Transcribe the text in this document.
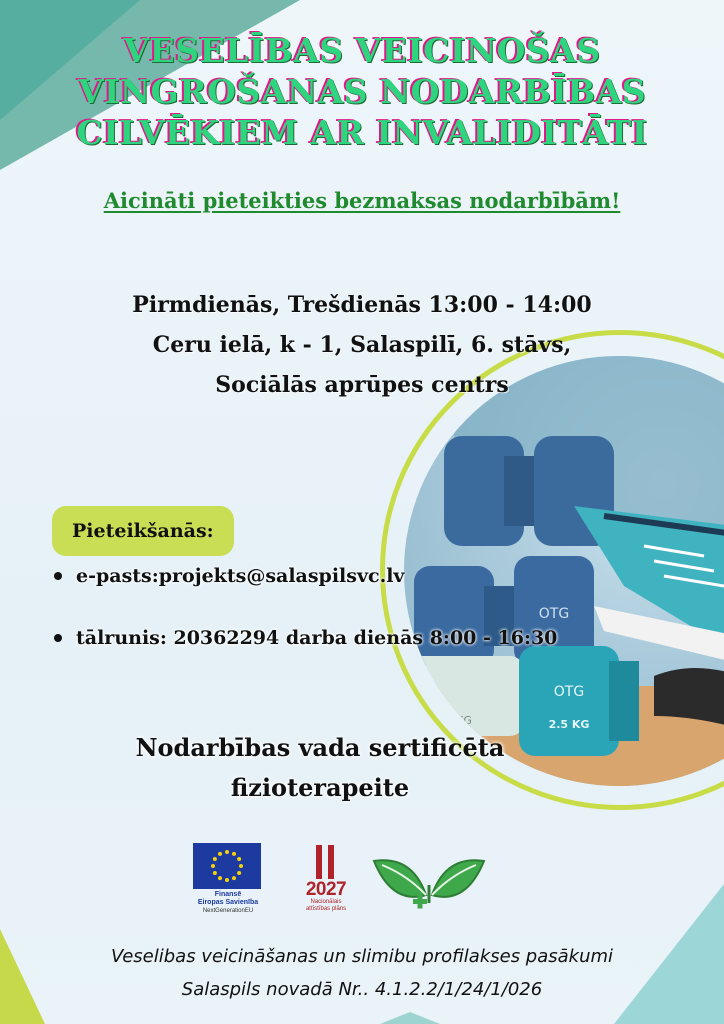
OTG
KG
OTG
2.5 KG
VESELĪBAS VEICINOŠAS
VINGROŠANAS NODARBĪBAS
CILVĒKIEM AR INVALIDITĀTI
Aicināti pieteikties bezmaksas nodarbībām!
Pirmdienās, Trešdienās 13:00 - 14:00
Ceru ielā, k - 1, Salaspilī, 6. stāvs,
Sociālās aprūpes centrs
Pieteikšanās:
e-pasts:projekts@salaspilsvc.lv
tālrunis: 20362294 darba dienās 8:00 - 16:30
Nodarbības vada sertificēta
fizioterapeite
Finansē
Eiropas Savienība
NextGenerationEU
2027
Nacionālais
attīstības plāns
Veselibas veicināšanas un slimibu profilakses pasākumi
Salaspils novadā Nr.. 4.1.2.2/1/24/1/026
